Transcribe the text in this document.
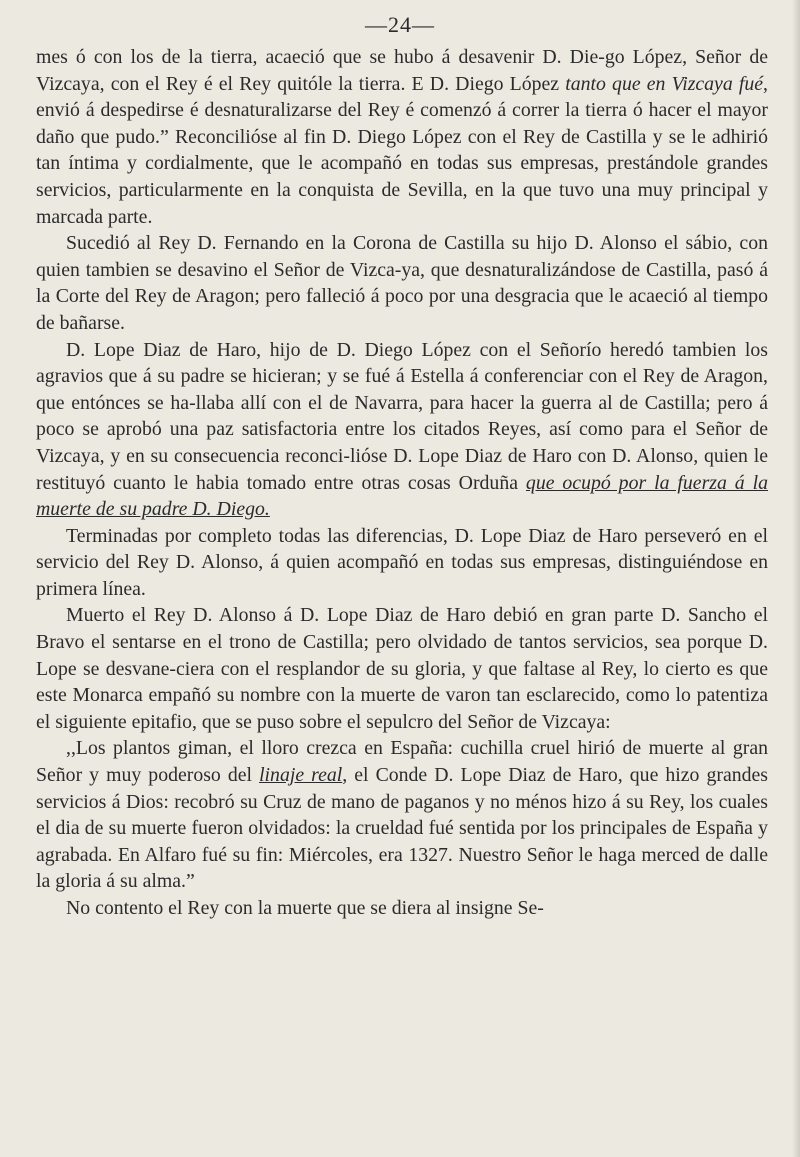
—24—

mes ó con los de la tierra, acaeció que se hubo á desavenir D. Die-go López, Señor de Vizcaya, con el Rey é el Rey quitóle la tierra. E D. Diego López tanto que en Vizcaya fué, envió á despedirse é desnaturalizarse del Rey é comenzó á correr la tierra ó hacer el mayor daño que pudo.” Reconcilióse al fin D. Diego López con el Rey de Castilla y se le adhirió tan íntima y cordialmente, que le acompañó en todas sus empresas, prestándole grandes servicios, particularmente en la conquista de Sevilla, en la que tuvo una muy principal y marcada parte.

Sucedió al Rey D. Fernando en la Corona de Castilla su hijo D. Alonso el sábio, con quien tambien se desavino el Señor de Vizca-ya, que desnaturalizándose de Castilla, pasó á la Corte del Rey de Aragon; pero falleció á poco por una desgracia que le acaeció al tiempo de bañarse.

D. Lope Diaz de Haro, hijo de D. Diego López con el Señorío heredó tambien los agravios que á su padre se hicieran; y se fué á Estella á conferenciar con el Rey de Aragon, que entónces se ha-llaba allí con el de Navarra, para hacer la guerra al de Castilla; pero á poco se aprobó una paz satisfactoria entre los citados Reyes, así como para el Señor de Vizcaya, y en su consecuencia reconci-lióse D. Lope Diaz de Haro con D. Alonso, quien le restituyó cuanto le habia tomado entre otras cosas Orduña que ocupó por la fuerza á la muerte de su padre D. Diego.

Terminadas por completo todas las diferencias, D. Lope Diaz de Haro perseveró en el servicio del Rey D. Alonso, á quien acompañó en todas sus empresas, distinguiéndose en primera línea.

Muerto el Rey D. Alonso á D. Lope Diaz de Haro debió en gran parte D. Sancho el Bravo el sentarse en el trono de Castilla; pero olvidado de tantos servicios, sea porque D. Lope se desvane-ciera con el resplandor de su gloria, y que faltase al Rey, lo cierto es que este Monarca empañó su nombre con la muerte de varon tan esclarecido, como lo patentiza el siguiente epitafio, que se puso sobre el sepulcro del Señor de Vizcaya:

,,Los plantos giman, el lloro crezca en España: cuchilla cruel hirió de muerte al gran Señor y muy poderoso del linaje real, el Conde D. Lope Diaz de Haro, que hizo grandes servicios á Dios: recobró su Cruz de mano de paganos y no ménos hizo á su Rey, los cuales el dia de su muerte fueron olvidados: la crueldad fué sentida por los principales de España y agrabada. En Alfaro fué su fin: Miércoles, era 1327. Nuestro Señor le haga merced de dalle la gloria á su alma.”

No contento el Rey con la muerte que se diera al insigne Se-
